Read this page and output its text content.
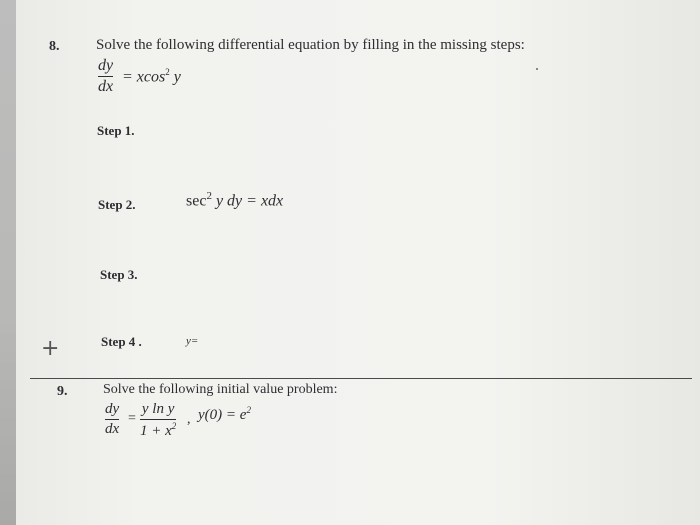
8. Solve the following differential equation by filling in the missing steps:
dy
dx
= xcos$^2$ y
Step 1.
Step 2.	$\sec^2 y$ dy = xdx
Step 3.
Step 4 .	y=
+
9.	Solve the following initial value problem:
dy
dx
=
y ln y
$1 + x^2$ , $y(0) = e^2$
